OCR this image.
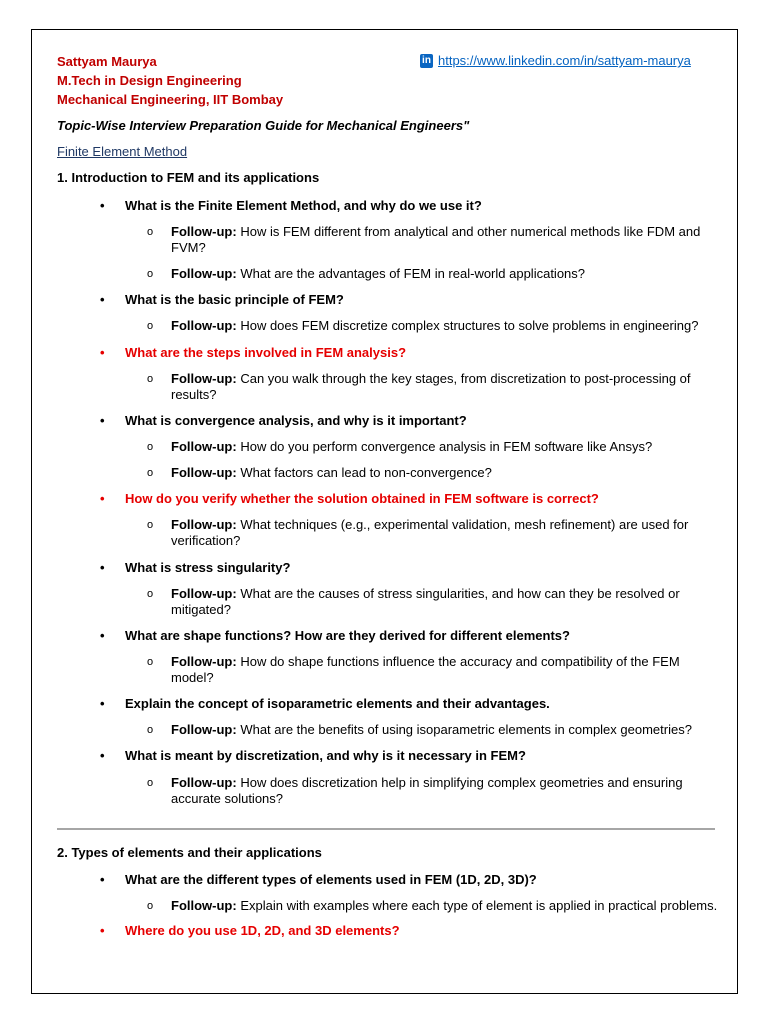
Sattyam Maurya
M.Tech in Design Engineering
Mechanical Engineering, IIT Bombay
in https://www.linkedin.com/in/sattyam-maurya
Topic-Wise Interview Preparation Guide for Mechanical Engineers"
Finite Element Method
1. Introduction to FEM and its applications
What is the Finite Element Method, and why do we use it?
o Follow-up: How is FEM different from analytical and other numerical methods like FDM and FVM?
o Follow-up: What are the advantages of FEM in real-world applications?
What is the basic principle of FEM?
o Follow-up: How does FEM discretize complex structures to solve problems in engineering?
What are the steps involved in FEM analysis?
o Follow-up: Can you walk through the key stages, from discretization to post-processing of results?
What is convergence analysis, and why is it important?
o Follow-up: How do you perform convergence analysis in FEM software like Ansys?
o Follow-up: What factors can lead to non-convergence?
How do you verify whether the solution obtained in FEM software is correct?
o Follow-up: What techniques (e.g., experimental validation, mesh refinement) are used for verification?
What is stress singularity?
o Follow-up: What are the causes of stress singularities, and how can they be resolved or mitigated?
What are shape functions? How are they derived for different elements?
o Follow-up: How do shape functions influence the accuracy and compatibility of the FEM model?
Explain the concept of isoparametric elements and their advantages.
o Follow-up: What are the benefits of using isoparametric elements in complex geometries?
What is meant by discretization, and why is it necessary in FEM?
o Follow-up: How does discretization help in simplifying complex geometries and ensuring accurate solutions?
2. Types of elements and their applications
What are the different types of elements used in FEM (1D, 2D, 3D)?
o Follow-up: Explain with examples where each type of element is applied in practical problems.
Where do you use 1D, 2D, and 3D elements?
